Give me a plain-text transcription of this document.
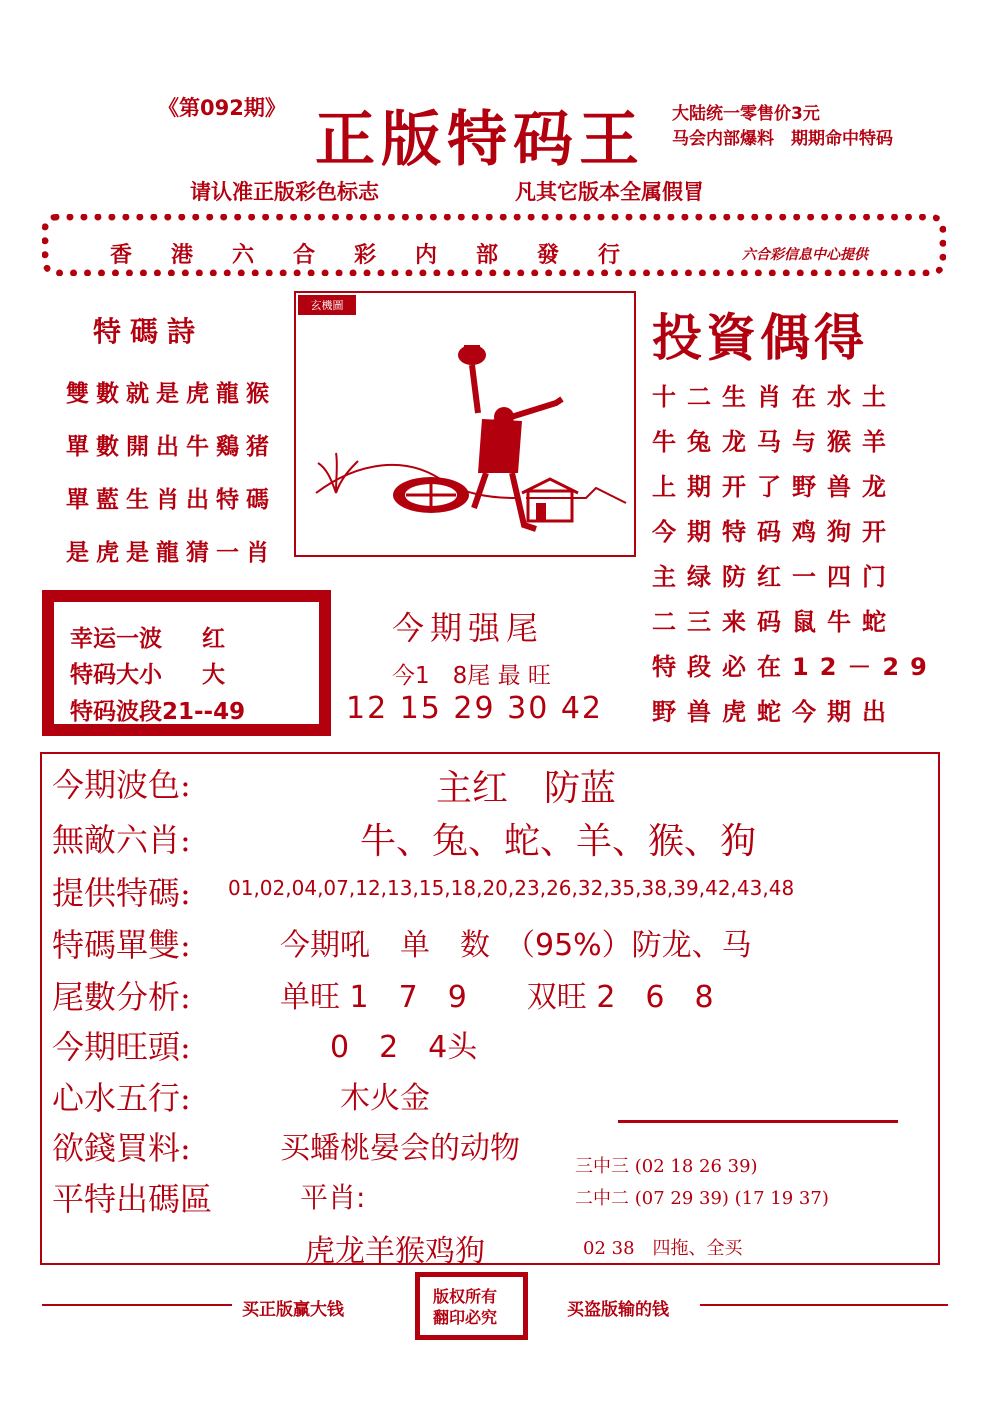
《第092期》 正版特码王 大陆统一零售价3元
马会内部爆料　期期命中特码
请认准正版彩色标志	凡其它版本全属假冒
香港六合彩内部發行	六合彩信息中心提供
特碼詩
雙數就是虎龍猴
單數開出牛鷄猪
單藍生肖出特碼
是虎是龍猜一肖
玄機圖
投資偶得
十二生肖在水土
牛兔龙马与猴羊
上期开了野兽龙
今期特码鸡狗开
主绿防红一四门
二三来码鼠牛蛇
特段必在12－29
野兽虎蛇今期出
幸运一波 红
特码大小 大
特码波段21--49
今期强尾
今1　8尾 最 旺
12 15 29 30 42
今期波色:	主红　防蓝
無敵六肖:	牛、兔、蛇、羊、猴、狗
提供特碼: 01,02,04,07,12,13,15,18,20,23,26,32,35,38,39,42,43,48
特碼單雙:	今期吼　单　数　（95%）防龙、马
尾數分析:	单旺 1　7　9　　双旺 2　6　8
今期旺頭:	0　2　4头
心水五行:	木火金
欲錢買料:	买蟠桃晏会的动物
平特出碼區	平肖:
虎龙羊猴鸡狗
三中三 (02 18 26 39)
二中二 (07 29 39) (17 19 37)
02 38　四拖、全买
买正版赢大钱
版权所有
翻印必究	买盗版输的钱
